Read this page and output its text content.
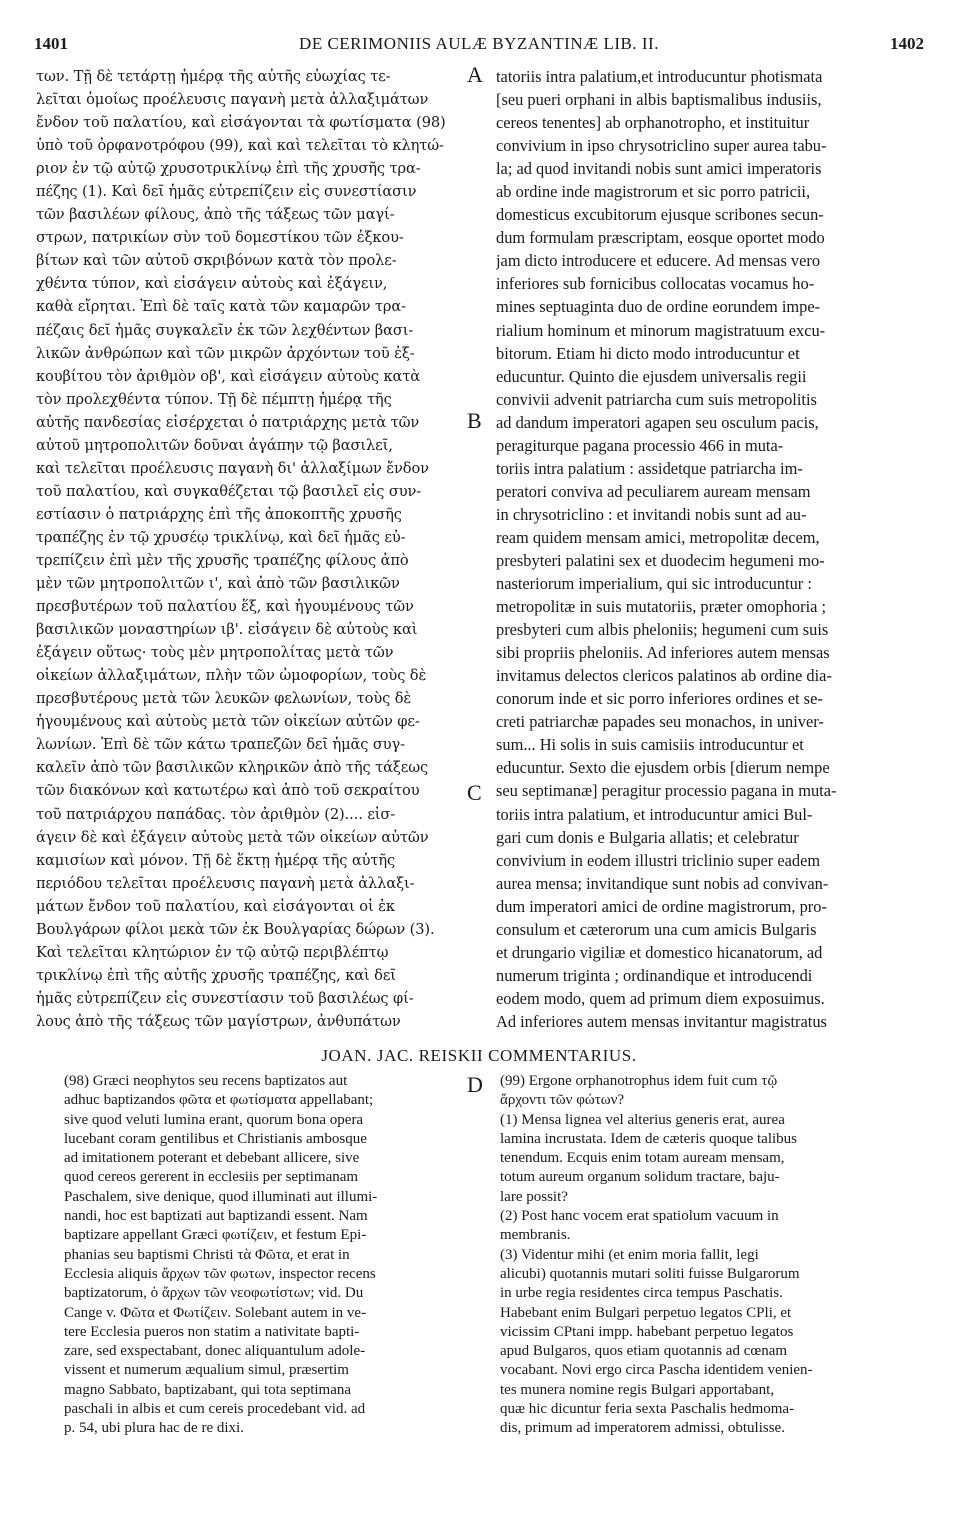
1401	DE CERIMONIIS AULÆ BYZANTINÆ LIB. II.	1402
των. Τῇ δὲ τετάρτῃ ἡμέρᾳ τῆς αὐτῆς εὐωχίας τε-
λεῖται ὁμοίως προέλευσις παγανὴ μετὰ ἀλλαξιμάτων
ἔνδον τοῦ παλατίου, καὶ εἰσάγονται τὰ φωτίσματα (98)
ὑπὸ τοῦ ὀρφανοτρόφου (99), καὶ καὶ τελεῖται τὸ κλητώ-
ριον ἐν τῷ αὐτῷ χρυσοτρικλίνῳ ἐπὶ τῆς χρυσῆς τρα-
πέζης (1). Καὶ δεῖ ἡμᾶς εὐτρεπίζειν εἰς συνεστίασιν
τῶν βασιλέων φίλους, ἀπὸ τῆς τάξεως τῶν μαγί-
στρων, πατρικίων σὺν τοῦ δομεστίκου τῶν ἐξκου-
βίτων καὶ τῶν αὐτοῦ σκριβόνων κατὰ τὸν προλε-
χθέντα τύπον, καὶ εἰσάγειν αὐτοὺς καὶ ἐξάγειν,
καθὰ εἴρηται. Ἐπὶ δὲ ταῖς κατὰ τῶν καμαρῶν τρα-
πέζαις δεῖ ἡμᾶς συγκαλεῖν ἐκ τῶν λεχθέντων βασι-
λικῶν ἀνθρώπων καὶ τῶν μικρῶν ἀρχόντων τοῦ ἐξ-
κουβίτου τὸν ἀριθμὸν οβ', καὶ εἰσάγειν αὐτοὺς κατὰ
τὸν προλεχθέντα τύπον. Τῇ δὲ πέμπτῃ ἡμέρᾳ τῆς
αὐτῆς πανδεσίας εἰσέρχεται ὁ πατριάρχης μετὰ τῶν
αὐτοῦ μητροπολιτῶν δοῦναι ἀγάπην τῷ βασιλεῖ,
καὶ τελεῖται προέλευσις παγανὴ δι' ἀλλαξίμων ἔνδον
τοῦ παλατίου, καὶ συγκαθέζεται τῷ βασιλεῖ εἰς συν-
εστίασιν ὁ πατριάρχης ἐπὶ τῆς ἀποκοπτῆς χρυσῆς
τραπέζης ἐν τῷ χρυσέῳ τρικλίνῳ, καὶ δεῖ ἡμᾶς εὐ-
τρεπίζειν ἐπὶ μὲν τῆς χρυσῆς τραπέζης φίλους ἀπὸ
μὲν τῶν μητροπολιτῶν ι', καὶ ἀπὸ τῶν βασιλικῶν
πρεσβυτέρων τοῦ παλατίου ἕξ, καὶ ἡγουμένους τῶν
βασιλικῶν μοναστηρίων ιβ'. εἰσάγειν δὲ αὐτοὺς καὶ
ἐξάγειν οὕτως· τοὺς μὲν μητροπολίτας μετὰ τῶν
οἰκείων ἀλλαξιμάτων, πλὴν τῶν ὠμοφορίων, τοὺς δὲ
πρεσβυτέρους μετὰ τῶν λευκῶν φελωνίων, τοὺς δὲ
ἡγουμένους καὶ αὐτοὺς μετὰ τῶν οἰκείων αὐτῶν φε-
λωνίων. Ἐπὶ δὲ τῶν κάτω τραπεζῶν δεῖ ἡμᾶς συγ-
καλεῖν ἀπὸ τῶν βασιλικῶν κληρικῶν ἀπὸ τῆς τάξεως
τῶν διακόνων καὶ κατωτέρω καὶ ἀπὸ τοῦ σεκραίτου
τοῦ πατριάρχου παπάδας. τὸν ἀριθμὸν (2).... εἰσ-
άγειν δὲ καὶ ἐξάγειν αὐτοὺς μετὰ τῶν οἰκείων αὐτῶν
καμισίων καὶ μόνον. Τῇ δὲ ἕκτῃ ἡμέρᾳ τῆς αὐτῆς
περιόδου τελεῖται προέλευσις παγανὴ μετὰ ἀλλαξι-
μάτων ἔνδον τοῦ παλατίου, καὶ εἰσάγονται οἱ ἐκ
Βουλγάρων φίλοι μεκὰ τῶν ἐκ Βουλγαρίας δώρων (3).
Καὶ τελεῖται κλητώριον ἐν τῷ αὐτῷ περιβλέπτῳ
τρικλίνῳ ἐπὶ τῆς αὐτῆς χρυσῆς τραπέζης, καὶ δεῖ
ἡμᾶς εὐτρεπίζειν εἰς συνεστίασιν τοῦ βασιλέως φί-
λους ἀπὸ τῆς τάξεως τῶν μαγίστρων, ἀνθυπάτων
tatoriis intra palatium,et introducuntur photismata
[seu pueri orphani in albis baptismalibus indusiis,
cereos tenentes] ab orphanotropho, et instituitur
convivium in ipso chrysotriclino super aurea tabu-
la; ad quod invitandi nobis sunt amici imperatoris
ab ordine inde magistrorum et sic porro patricii,
domesticus excubitorum ejusque scribones secun-
dum formulam præscriptam, eosque oportet modo
jam dicto introducere et educere. Ad mensas vero
inferiores sub fornicibus collocatas vocamus ho-
mines septuaginta duo de ordine eorundem impe-
rialium hominum et minorum magistratuum excu-
bitorum. Etiam hi dicto modo introducuntur et
educuntur. Quinto die ejusdem universalis regii
convivii advenit patriarcha cum suis metropolitis
ad dandum imperatori agapen seu osculum pacis,
peragiturque pagana processio 466 in muta-
toriis intra palatium : assidetque patriarcha im-
peratori conviva ad peculiarem auream mensam
in chrysotriclino : et invitandi nobis sunt ad au-
ream quidem mensam amici, metropolitæ decem,
presbyteri palatini sex et duodecim hegumeni mo-
nasteriorum imperialium, qui sic introducuntur :
metropolitæ in suis mutatoriis, præter omophoria ;
presbyteri cum albis pheloniis; hegumeni cum suis
sibi propriis pheloniis. Ad inferiores autem mensas
invitamus delectos clericos palatinos ab ordine dia-
conorum inde et sic porro inferiores ordines et se-
creti patriarchæ papades seu monachos, in univer-
sum... Hi solis in suis camisiis introducuntur et
educuntur. Sexto die ejusdem orbis [dierum nempe
seu septimanæ] peragitur processio pagana in muta-
toriis intra palatium, et introducuntur amici Bul-
gari cum donis e Bulgaria allatis; et celebratur
convivium in eodem illustri triclinio super eadem
aurea mensa; invitandique sunt nobis ad convivan-
dum imperatori amici de ordine magistrorum, pro-
consulum et cæterorum una cum amicis Bulgaris
et drungario vigiliæ et domestico hicanatorum, ad
numerum triginta ; ordinandique et introducendi
eodem modo, quem ad primum diem exposuimus.
Ad inferiores autem mensas invitantur magistratus
A
B
C
D
JOAN. JAC. REISKII COMMENTARIUS.
(98) Græci neophytos seu recens baptizatos aut
adhuc baptizandos φῶτα et φωτίσματα appellabant;
sive quod veluti lumina erant, quorum bona opera
lucebant coram gentilibus et Christianis ambosque
ad imitationem poterant et debebant allicere, sive
quod cereos gererent in ecclesiis per septimanam
Paschalem, sive denique, quod illuminati aut illumi-
nandi, hoc est baptizati aut baptizandi essent. Nam
baptizare appellant Græci φωτίζειν, et festum Epi-
phanias seu baptismi Christi τὰ Φῶτα, et erat in
Ecclesia aliquis ἄρχων τῶν φωτων, inspector recens
baptizatorum, ὁ ἄρχων τῶν νεοφωτίστων; vid. Du
Cange v. Φῶτα et Φωτίζειν. Solebant autem in ve-
tere Ecclesia pueros non statim a nativitate bapti-
zare, sed exspectabant, donec aliquantulum adole-
vissent et numerum æqualium simul, præsertim
magno Sabbato, baptizabant, qui tota septimana
paschali in albis et cum cereis procedebant vid. ad
p. 54, ubi plura hac de re dixi.
(99) Ergone orphanotrophus idem fuit cum τῷ
ἄρχοντι τῶν φώτων?
(1) Mensa lignea vel alterius generis erat, aurea
lamina incrustata. Idem de cæteris quoque talibus
tenendum. Ecquis enim totam auream mensam,
totum aureum organum solidum tractare, baju-
lare possit?
(2) Post hanc vocem erat spatiolum vacuum in
membranis.
(3) Videntur mihi (et enim moria fallit, legi
alicubi) quotannis mutari soliti fuisse Bulgarorum
in urbe regia residentes circa tempus Paschatis.
Habebant enim Bulgari perpetuo legatos CPli, et
vicissim CPtani impp. habebant perpetuo legatos
apud Bulgaros, quos etiam quotannis ad cœnam
vocabant. Novi ergo circa Pascha identidem venien-
tes munera nomine regis Bulgari apportabant,
quæ hic dicuntur feria sexta Paschalis hedmoma-
dis, primum ad imperatorem admissi, obtulisse.
